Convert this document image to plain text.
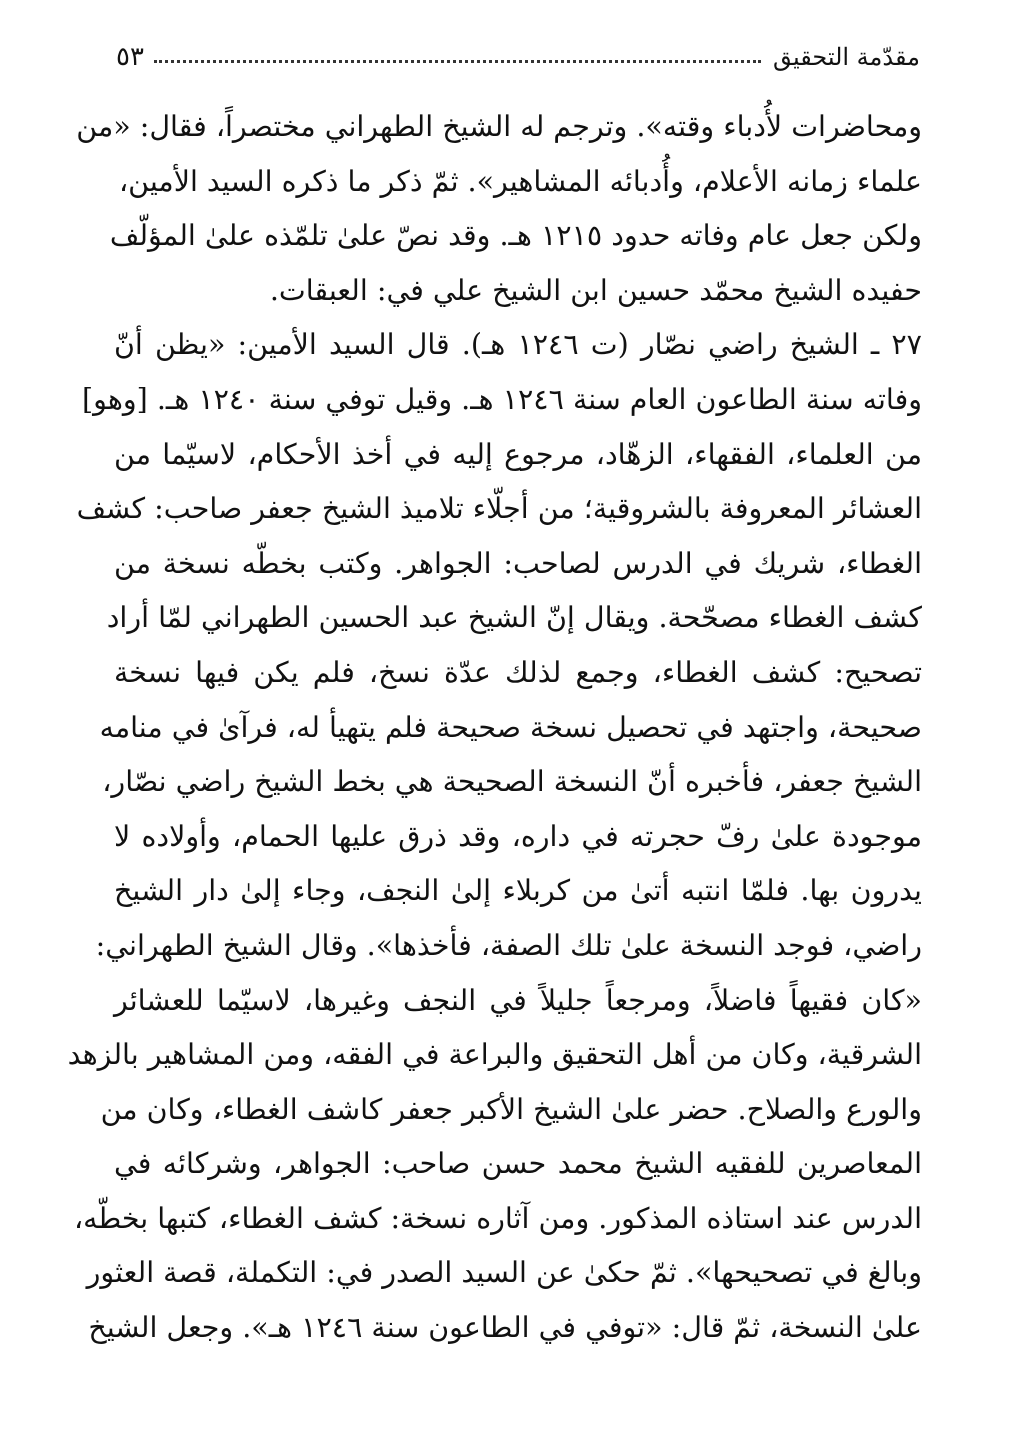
مقدّمة التحقيق
٥٣
ومحاضرات لأُدباء وقته». وترجم له الشيخ الطهراني مختصراً، فقال: «من
علماء زمانه الأعلام، وأُدبائه المشاهير». ثمّ ذكر ما ذكره السيد الأمين،
ولكن جعل عام وفاته حدود ١٢١٥ هـ. وقد نصّ علىٰ تلمّذه علىٰ المؤلّف
حفيده الشيخ محمّد حسين ابن الشيخ علي في: العبقات.
٢٧ ـ الشيخ راضي نصّار (ت ١٢٤٦ هـ). قال السيد الأمين: «يظن أنّ
وفاته سنة الطاعون العام سنة ١٢٤٦ هـ. وقيل توفي سنة ١٢٤٠ هـ. [وهو]
من العلماء، الفقهاء، الزهّاد، مرجوع إليه في أخذ الأحكام، لاسيّما من
العشائر المعروفة بالشروقية؛ من أجلّاء تلاميذ الشيخ جعفر صاحب: كشف
الغطاء، شريك في الدرس لصاحب: الجواهر. وكتب بخطّه نسخة من
كشف الغطاء مصحّحة. ويقال إنّ الشيخ عبد الحسين الطهراني لمّا أراد
تصحيح: كشف الغطاء، وجمع لذلك عدّة نسخ، فلم يكن فيها نسخة
صحيحة، واجتهد في تحصيل نسخة صحيحة فلم يتهيأ له، فرآىٰ في منامه
الشيخ جعفر، فأخبره أنّ النسخة الصحيحة هي بخط الشيخ راضي نصّار،
موجودة علىٰ رفّ حجرته في داره، وقد ذرق عليها الحمام، وأولاده لا
يدرون بها. فلمّا انتبه أتىٰ من كربلاء إلىٰ النجف، وجاء إلىٰ دار الشيخ
راضي، فوجد النسخة علىٰ تلك الصفة، فأخذها». وقال الشيخ الطهراني:
«كان فقيهاً فاضلاً، ومرجعاً جليلاً في النجف وغيرها، لاسيّما للعشائر
الشرقية، وكان من أهل التحقيق والبراعة في الفقه، ومن المشاهير بالزهد
والورع والصلاح. حضر علىٰ الشيخ الأكبر جعفر كاشف الغطاء، وكان من
المعاصرين للفقيه الشيخ محمد حسن صاحب: الجواهر، وشركائه في
الدرس عند استاذه المذكور. ومن آثاره نسخة: كشف الغطاء، كتبها بخطّه،
وبالغ في تصحيحها». ثمّ حكىٰ عن السيد الصدر في: التكملة، قصة العثور
علىٰ النسخة، ثمّ قال: «توفي في الطاعون سنة ١٢٤٦ هـ». وجعل الشيخ
